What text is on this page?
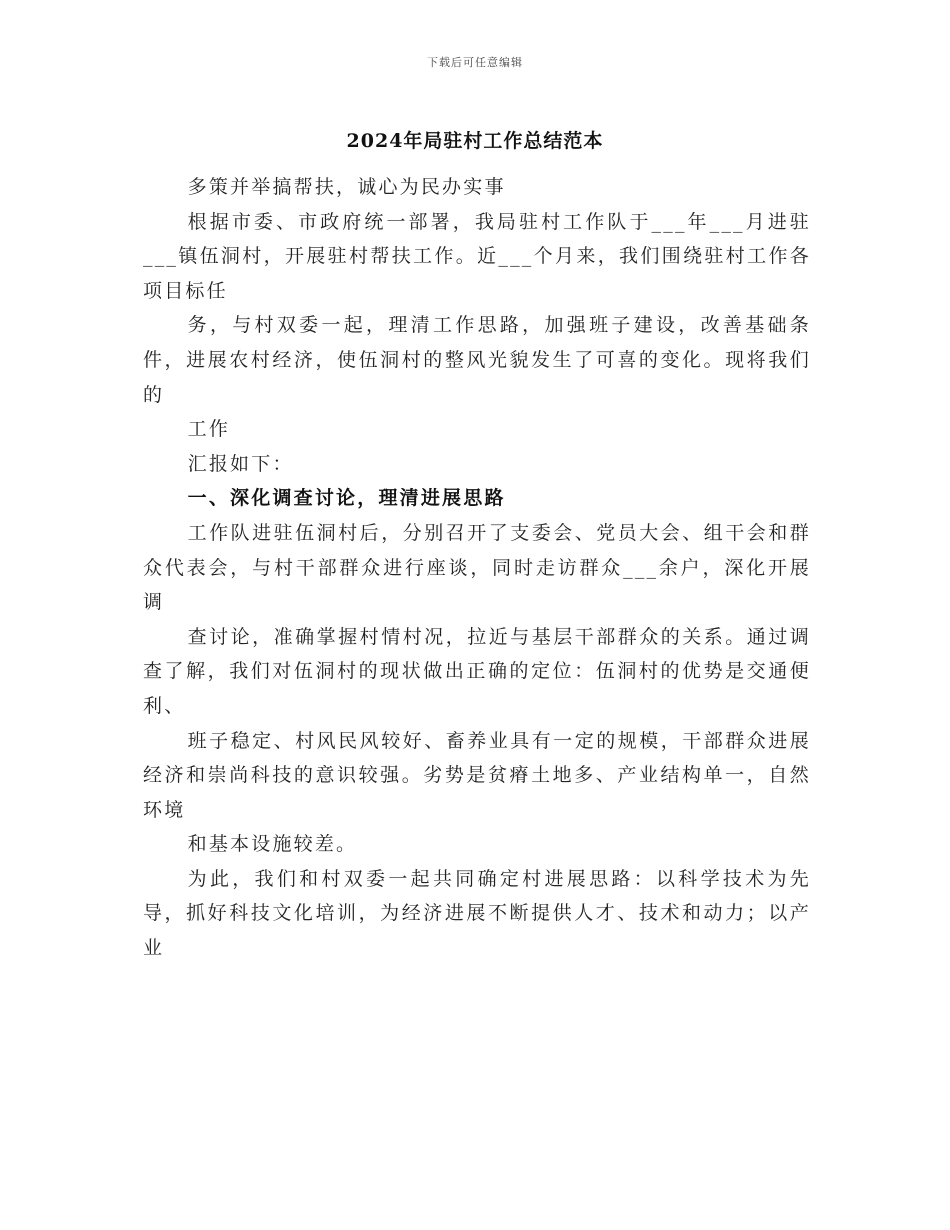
下载后可任意编辑
2024年局驻村工作总结范本

多策并举搞帮扶，诚心为民办实事

根据市委、市政府统一部署，我局驻村工作队于___年___月进驻___镇伍洞村，开展驻村帮扶工作。近___个月来，我们围绕驻村工作各项目标任

务，与村双委一起，理清工作思路，加强班子建设，改善基础条件，进展农村经济，使伍洞村的整风光貌发生了可喜的变化。现将我们的

工作

汇报如下：

一、深化调查讨论，理清进展思路

工作队进驻伍洞村后，分别召开了支委会、党员大会、组干会和群众代表会，与村干部群众进行座谈，同时走访群众___余户，深化开展调

查讨论，准确掌握村情村况，拉近与基层干部群众的关系。通过调查了解，我们对伍洞村的现状做出正确的定位：伍洞村的优势是交通便利、

班子稳定、村风民风较好、畜养业具有一定的规模，干部群众进展经济和崇尚科技的意识较强。劣势是贫瘠土地多、产业结构单一，自然环境

和基本设施较差。

为此，我们和村双委一起共同确定村进展思路：以科学技术为先导，抓好科技文化培训，为经济进展不断提供人才、技术和动力；以产业
